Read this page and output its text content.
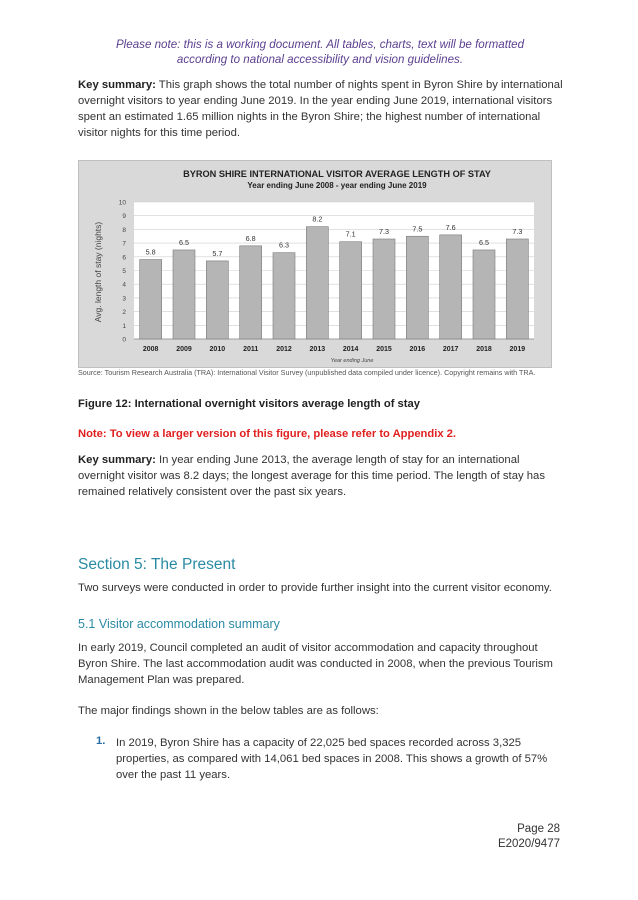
Please note: this is a working document. All tables, charts, text will be formatted
according to national accessibility and vision guidelines.
Key summary: This graph shows the total number of nights spent in Byron Shire by international overnight visitors to year ending June 2019. In the year ending June 2019, international visitors spent an estimated 1.65 million nights in the Byron Shire; the highest number of international visitor nights for this time period.
BYRON SHIRE INTERNATIONAL VISITOR AVERAGE LENGTH OF STAY
Year ending June 2008 - year ending June 2019
Avg. length of stay (nights)
Year ending June
0
1
2
3
4
5
6
7
8
9
10
5.8
2008
6.5
2009
5.7
2010
6.8
2011
6.3
2012
8.2
2013
7.1
2014
7.3
2015
7.5
2016
7.6
2017
6.5
2018
7.3
2019
Source: Tourism Research Australia (TRA): International Visitor Survey (unpublished data compiled under licence). Copyright remains with TRA.
Figure 12: International overnight visitors average length of stay
Note: To view a larger version of this figure, please refer to Appendix 2.
Key summary: In year ending June 2013, the average length of stay for an international overnight visitor was 8.2 days; the longest average for this time period. The length of stay has remained relatively consistent over the past six years.
Section 5: The Present
Two surveys were conducted in order to provide further insight into the current visitor economy.
5.1 Visitor accommodation summary
In early 2019, Council completed an audit of visitor accommodation and capacity throughout Byron Shire. The last accommodation audit was conducted in 2008, when the previous Tourism Management Plan was prepared.
The major findings shown in the below tables are as follows:
1. In 2019, Byron Shire has a capacity of 22,025 bed spaces recorded across 3,325 properties, as compared with 14,061 bed spaces in 2008. This shows a growth of 57% over the past 11 years.
Page 28
E2020/9477
